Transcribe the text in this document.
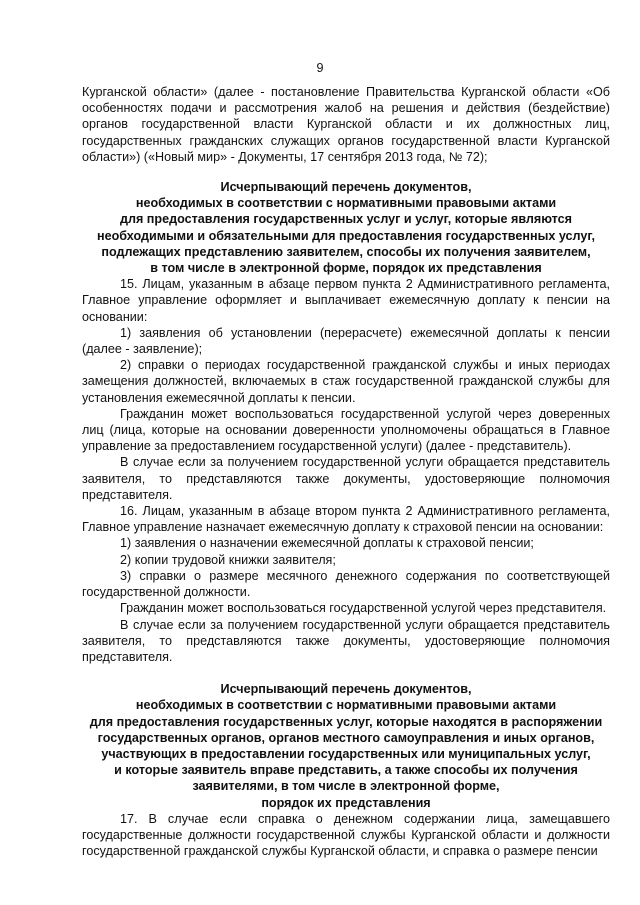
9

Курганской области» (далее - постановление Правительства Курганской области «Об особенностях подачи и рассмотрения жалоб на решения и действия (бездействие) органов государственной власти Курганской области и их должностных лиц, государственных гражданских служащих органов государственной власти Курганской области») («Новый мир» - Документы, 17 сентября 2013 года, № 72);

Исчерпывающий перечень документов,
необходимых в соответствии с нормативными правовыми актами
для предоставления государственных услуг и услуг, которые являются
необходимыми и обязательными для предоставления государственных услуг,
подлежащих представлению заявителем, способы их получения заявителем,
в том числе в электронной форме, порядок их представления

15. Лицам, указанным в абзаце первом пункта 2 Административного регламента, Главное управление оформляет и выплачивает ежемесячную доплату к пенсии на основании:

1) заявления об установлении (перерасчете) ежемесячной доплаты к пенсии (далее - заявление);

2) справки о периодах государственной гражданской службы и иных периодах замещения должностей, включаемых в стаж государственной гражданской службы для установления ежемесячной доплаты к пенсии.

Гражданин может воспользоваться государственной услугой через доверенных лиц (лица, которые на основании доверенности уполномочены обращаться в Главное управление за предоставлением государственной услуги) (далее - представитель).

В случае если за получением государственной услуги обращается представитель заявителя, то представляются также документы, удостоверяющие полномочия представителя.

16. Лицам, указанным в абзаце втором пункта 2 Административного регламента, Главное управление назначает ежемесячную доплату к страховой пенсии на основании:

1) заявления о назначении ежемесячной доплаты к страховой пенсии;

2) копии трудовой книжки заявителя;

3) справки о размере месячного денежного содержания по соответствующей государственной должности.

Гражданин может воспользоваться государственной услугой через представителя.

В случае если за получением государственной услуги обращается представитель заявителя, то представляются также документы, удостоверяющие полномочия представителя.

Исчерпывающий перечень документов,
необходимых в соответствии с нормативными правовыми актами
для предоставления государственных услуг, которые находятся в распоряжении
государственных органов, органов местного самоуправления и иных органов,
участвующих в предоставлении государственных или муниципальных услуг,
и которые заявитель вправе представить, а также способы их получения
заявителями, в том числе в электронной форме,
порядок их представления

17. В случае если справка о денежном содержании лица, замещавшего государственные должности государственной службы Курганской области и должности государственной гражданской службы Курганской области, и справка о размере пенсии
